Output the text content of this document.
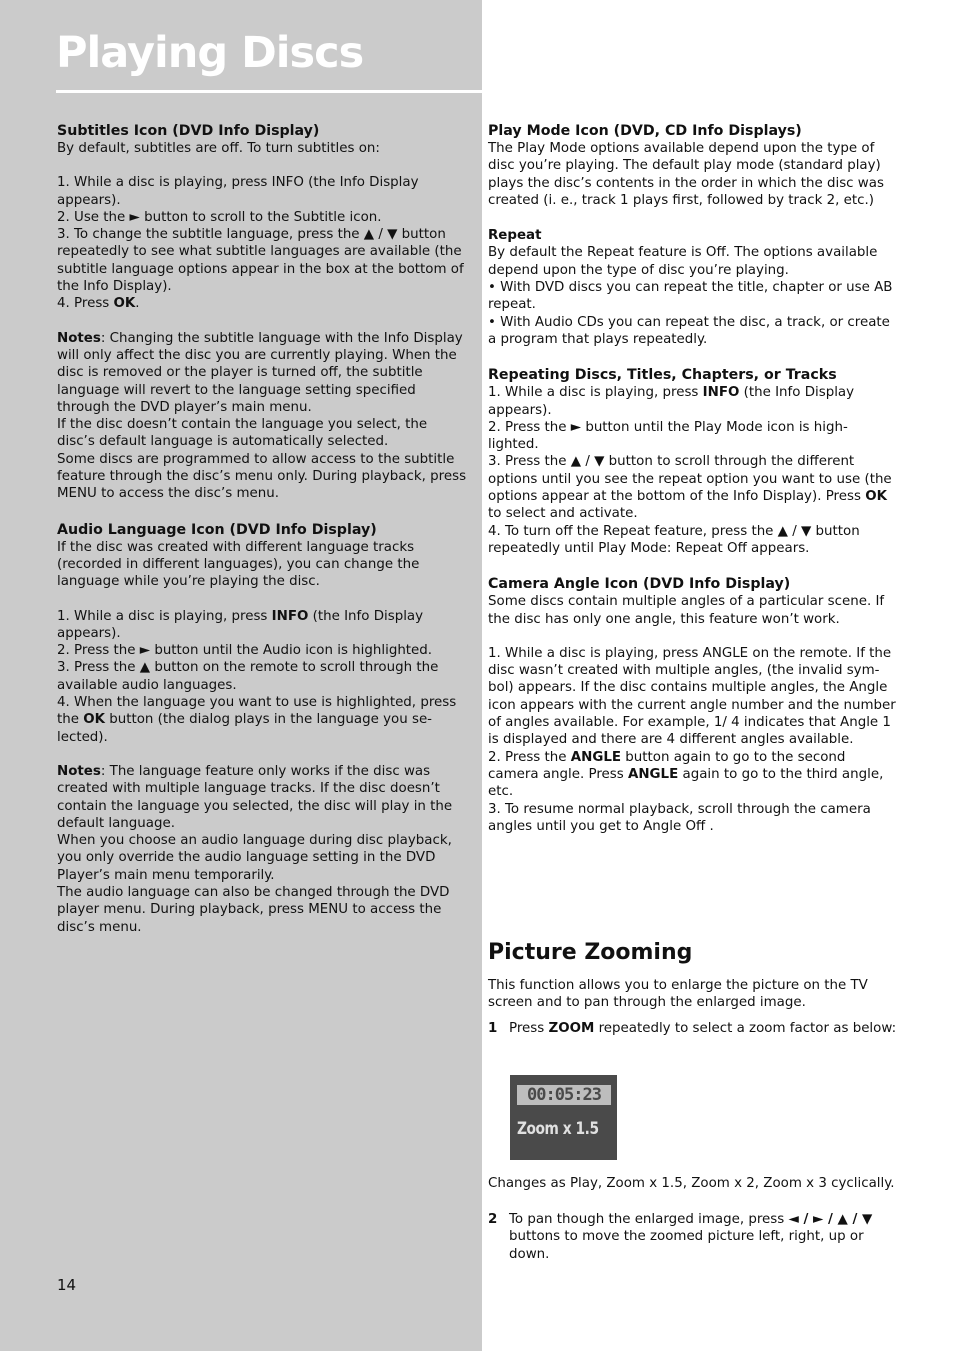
Playing Discs
Subtitles Icon (DVD Info Display)

By default, subtitles are off. To turn subtitles on:

1. While a disc is playing, press INFO (the Info Display appears).

2. Use the ► button to scroll to the Subtitle icon.

3. To change the subtitle language, press the ▲ / ▼ button repeatedly to see what subtitle languages are available (the subtitle language options appear in the box at the bottom of the Info Display).

4. Press OK.

Notes: Changing the subtitle language with the Info Display will only affect the disc you are currently playing. When the disc is removed or the player is turned off, the subtitle language will revert to the language setting specified through the DVD player’s main menu.

If the disc doesn’t contain the language you select, the disc’s default language is automatically selected.

Some discs are programmed to allow access to the subtitle feature through the disc’s menu only. During playback, press MENU to access the disc’s menu.

Audio Language Icon (DVD Info Display)

If the disc was created with different language tracks (recorded in different languages), you can change the language while you’re playing the disc.

1. While a disc is playing, press INFO (the Info Display appears).

2. Press the ► button until the Audio icon is highlighted.

3. Press the ▲ button on the remote to scroll through the available audio languages.

4. When the language you want to use is highlighted, press the OK button (the dialog plays in the language you se-
lected).

Notes: The language feature only works if the disc was created with multiple language tracks. If the disc doesn’t contain the language you selected, the disc will play in the default language.

When you choose an audio language during disc playback, you only override the audio language setting in the DVD Player’s main menu temporarily.

The audio language can also be changed through the DVD player menu. During playback, press MENU to access the disc’s menu.

Play Mode Icon (DVD, CD Info Displays)

The Play Mode options available depend upon the type of disc you’re playing. The default play mode (standard play) plays the disc’s contents in the order in which the disc was created (i. e., track 1 plays first, followed by track 2, etc.)

Repeat

By default the Repeat feature is Off. The options available depend upon the type of disc you’re playing.

• With DVD discs you can repeat the title, chapter or use AB repeat.

• With Audio CDs you can repeat the disc, a track, or create a program that plays repeatedly.

Repeating Discs, Titles, Chapters, or Tracks

1. While a disc is playing, press INFO (the Info Display appears).

2. Press the ► button until the Play Mode icon is high-
lighted.

3. Press the ▲ / ▼ button to scroll through the different options until you see the repeat option you want to use (the options appear at the bottom of the Info Display). Press OK to select and activate.

4. To turn off the Repeat feature, press the ▲ / ▼ button repeatedly until Play Mode: Repeat Off appears.

Camera Angle Icon (DVD Info Display)

Some discs contain multiple angles of a particular scene. If the disc has only one angle, this feature won’t work.

1. While a disc is playing, press ANGLE on the remote. If the disc wasn’t created with multiple angles, (the invalid sym-
bol) appears. If the disc contains multiple angles, the Angle icon appears with the current angle number and the number of angles available. For example, 1/ 4 indicates that Angle 1 is displayed and there are 4 different angles available.

2. Press the ANGLE button again to go to the second camera angle. Press ANGLE again to go to the third angle, etc.

3. To resume normal playback, scroll through the camera angles until you get to Angle Off .

Picture Zooming

This function allows you to enlarge the picture on the TV screen and to pan through the enlarged image.

1 Press ZOOM repeatedly to select a zoom factor as below:
00:05:23
Zoom x 1.5

Changes as Play, Zoom x 1.5, Zoom x 2, Zoom x 3 cyclically.

2 To pan though the enlarged image, press ◄ / ► / ▲ / ▼ buttons to move the zoomed picture left, right, up or down.

14
